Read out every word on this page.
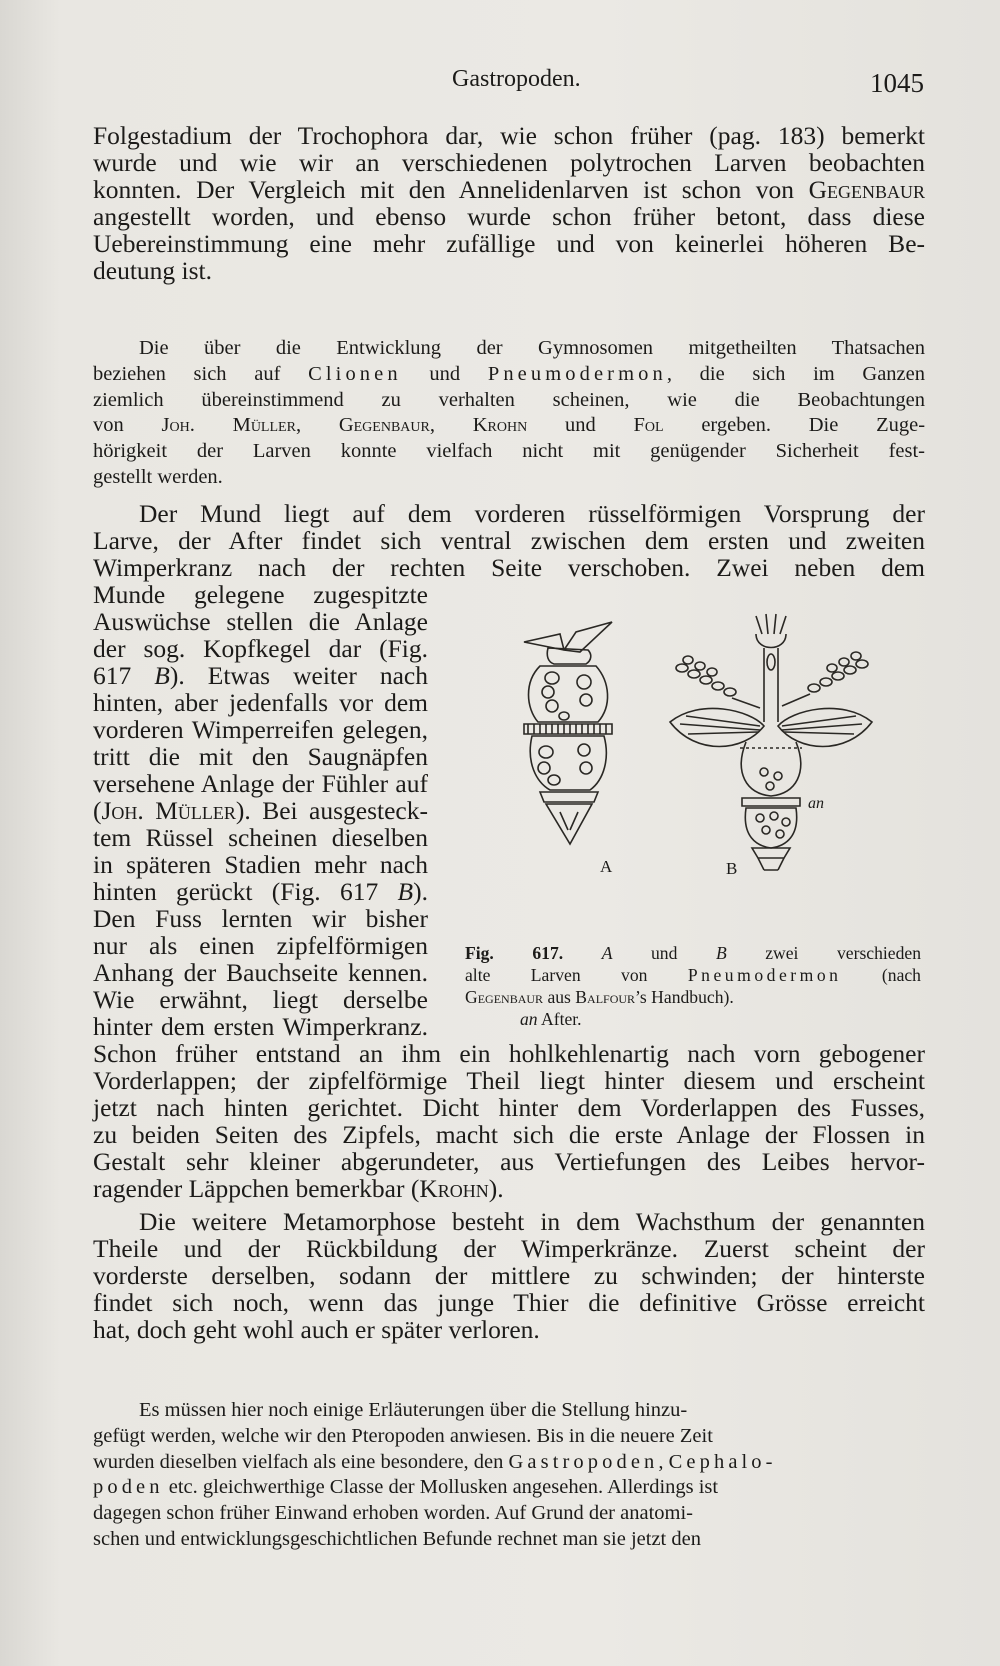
Gastropoden.	1045
Folgestadium der Trochophora dar, wie schon früher (pag. 183) bemerkt
wurde und wie wir an verschiedenen polytrochen Larven beobachten
konnten. Der Vergleich mit den Annelidenlarven ist schon von Gegenbaur
angestellt worden, und ebenso wurde schon früher betont, dass diese
Uebereinstimmung eine mehr zufällige und von keinerlei höheren Be-
deutung ist.
Die über die Entwicklung der Gymnosomen mitgetheilten Thatsachen
beziehen sich auf Clionen und Pneumodermon, die sich im Ganzen
ziemlich übereinstimmend zu verhalten scheinen, wie die Beobachtungen
von Joh. Müller, Gegenbaur, Krohn und Fol ergeben. Die Zuge-
hörigkeit der Larven konnte vielfach nicht mit genügender Sicherheit fest-
gestellt werden.
Der Mund liegt auf dem vorderen rüsselförmigen Vorsprung der
Larve, der After findet sich ventral zwischen dem ersten und zweiten
Wimperkranz nach der rechten Seite verschoben. Zwei neben dem
Munde gelegene zugespitzte
Auswüchse stellen die Anlage
der sog. Kopfkegel dar (Fig.
617 B). Etwas weiter nach
hinten, aber jedenfalls vor dem
vorderen Wimperreifen gelegen,
tritt die mit den Saugnäpfen
versehene Anlage der Fühler auf
(Joh. Müller). Bei ausgesteck-
tem Rüssel scheinen dieselben
in späteren Stadien mehr nach
hinten gerückt (Fig. 617 B).
Den Fuss lernten wir bisher
nur als einen zipfelförmigen
Anhang der Bauchseite kennen.
Wie erwähnt, liegt derselbe
hinter dem ersten Wimperkranz.
A	B
an
Fig. 617. A und B zwei verschieden
alte Larven von Pneumodermon (nach
Gegenbaur aus Balfour’s Handbuch).
an After.
Schon früher entstand an ihm ein hohlkehlenartig nach vorn gebogener
Vorderlappen; der zipfelförmige Theil liegt hinter diesem und erscheint
jetzt nach hinten gerichtet. Dicht hinter dem Vorderlappen des Fusses,
zu beiden Seiten des Zipfels, macht sich die erste Anlage der Flossen in
Gestalt sehr kleiner abgerundeter, aus Vertiefungen des Leibes hervor-
ragender Läppchen bemerkbar (Krohn).
Die weitere Metamorphose besteht in dem Wachsthum der genannten
Theile und der Rückbildung der Wimperkränze. Zuerst scheint der
vorderste derselben, sodann der mittlere zu schwinden; der hinterste
findet sich noch, wenn das junge Thier die definitive Grösse erreicht
hat, doch geht wohl auch er später verloren.
Es müssen hier noch einige Erläuterungen über die Stellung hinzu-
gefügt werden, welche wir den Pteropoden anwiesen. Bis in die neuere Zeit
wurden dieselben vielfach als eine besondere, den Gastropoden, Cephalo-
poden etc. gleichwerthige Classe der Mollusken angesehen. Allerdings ist
dagegen schon früher Einwand erhoben worden. Auf Grund der anatomi-
schen und entwicklungsgeschichtlichen Befunde rechnet man sie jetzt den
